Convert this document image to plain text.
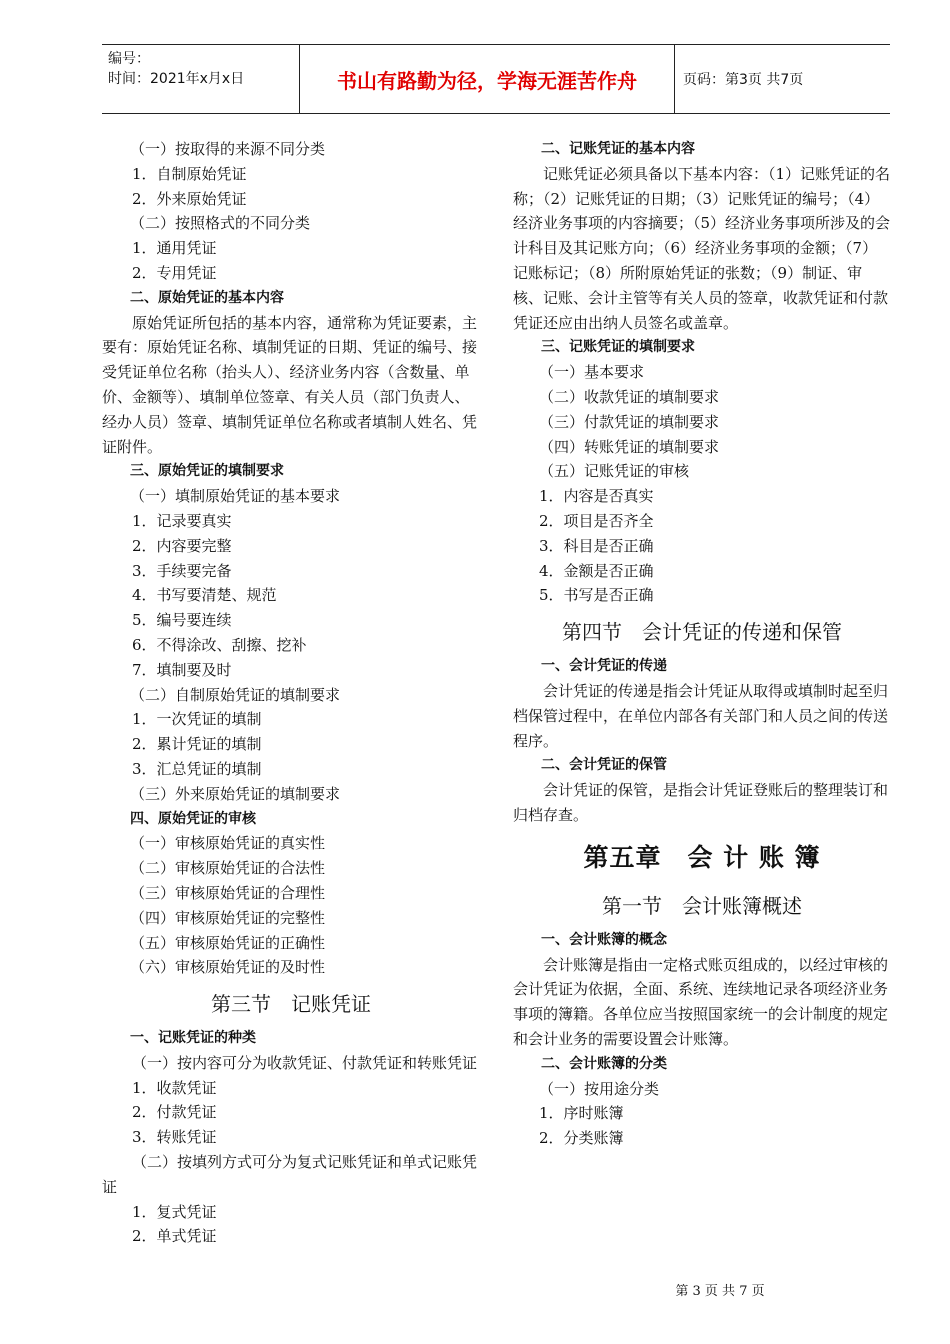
编号：
时间：2021年x月x日	书山有路勤为径，学海无涯苦作舟	页码：第3页 共7页

（一）按取得的来源不同分类

1．自制原始凭证

2．外来原始凭证

（二）按照格式的不同分类

1．通用凭证

2．专用凭证

二、原始凭证的基本内容

原始凭证所包括的基本内容，通常称为凭证要素，主要有：原始凭证名称、填制凭证的日期、凭证的编号、接受凭证单位名称（抬头人）、经济业务内容（含数量、单价、金额等）、填制单位签章、有关人员（部门负责人、经办人员）签章、填制凭证单位名称或者填制人姓名、凭证附件。

三、原始凭证的填制要求

（一）填制原始凭证的基本要求

1．记录要真实

2．内容要完整

3．手续要完备

4．书写要清楚、规范

5．编号要连续

6．不得涂改、刮擦、挖补

7．填制要及时

（二）自制原始凭证的填制要求

1．一次凭证的填制

2．累计凭证的填制

3．汇总凭证的填制

（三）外来原始凭证的填制要求

四、原始凭证的审核

（一）审核原始凭证的真实性

（二）审核原始凭证的合法性

（三）审核原始凭证的合理性

（四）审核原始凭证的完整性

（五）审核原始凭证的正确性

（六）审核原始凭证的及时性

第三节　记账凭证

一、记账凭证的种类

（一）按内容可分为收款凭证、付款凭证和转账凭证

1．收款凭证

2．付款凭证

3．转账凭证

（二）按填列方式可分为复式记账凭证和单式记账凭证

1．复式凭证

2．单式凭证

二、记账凭证的基本内容

记账凭证必须具备以下基本内容：（1）记账凭证的名称；（2）记账凭证的日期；（3）记账凭证的编号；（4）经济业务事项的内容摘要；（5）经济业务事项所涉及的会计科目及其记账方向；（6）经济业务事项的金额；（7）记账标记；（8）所附原始凭证的张数；（9）制证、审核、记账、会计主管等有关人员的签章，收款凭证和付款凭证还应由出纳人员签名或盖章。

三、记账凭证的填制要求

（一）基本要求

（二）收款凭证的填制要求

（三）付款凭证的填制要求

（四）转账凭证的填制要求

（五）记账凭证的审核

1．内容是否真实

2．项目是否齐全

3．科目是否正确

4．金额是否正确

5．书写是否正确

第四节　会计凭证的传递和保管

一、会计凭证的传递

会计凭证的传递是指会计凭证从取得或填制时起至归档保管过程中，在单位内部各有关部门和人员之间的传送程序。

二、会计凭证的保管

会计凭证的保管，是指会计凭证登账后的整理装订和归档存查。

第五章　会 计 账 簿

第一节　会计账簿概述

一、会计账簿的概念

会计账簿是指由一定格式账页组成的，以经过审核的会计凭证为依据，全面、系统、连续地记录各项经济业务事项的簿籍。各单位应当按照国家统一的会计制度的规定和会计业务的需要设置会计账簿。

二、会计账簿的分类

（一）按用途分类

1．序时账簿

2．分类账簿

第 3 页 共 7 页
